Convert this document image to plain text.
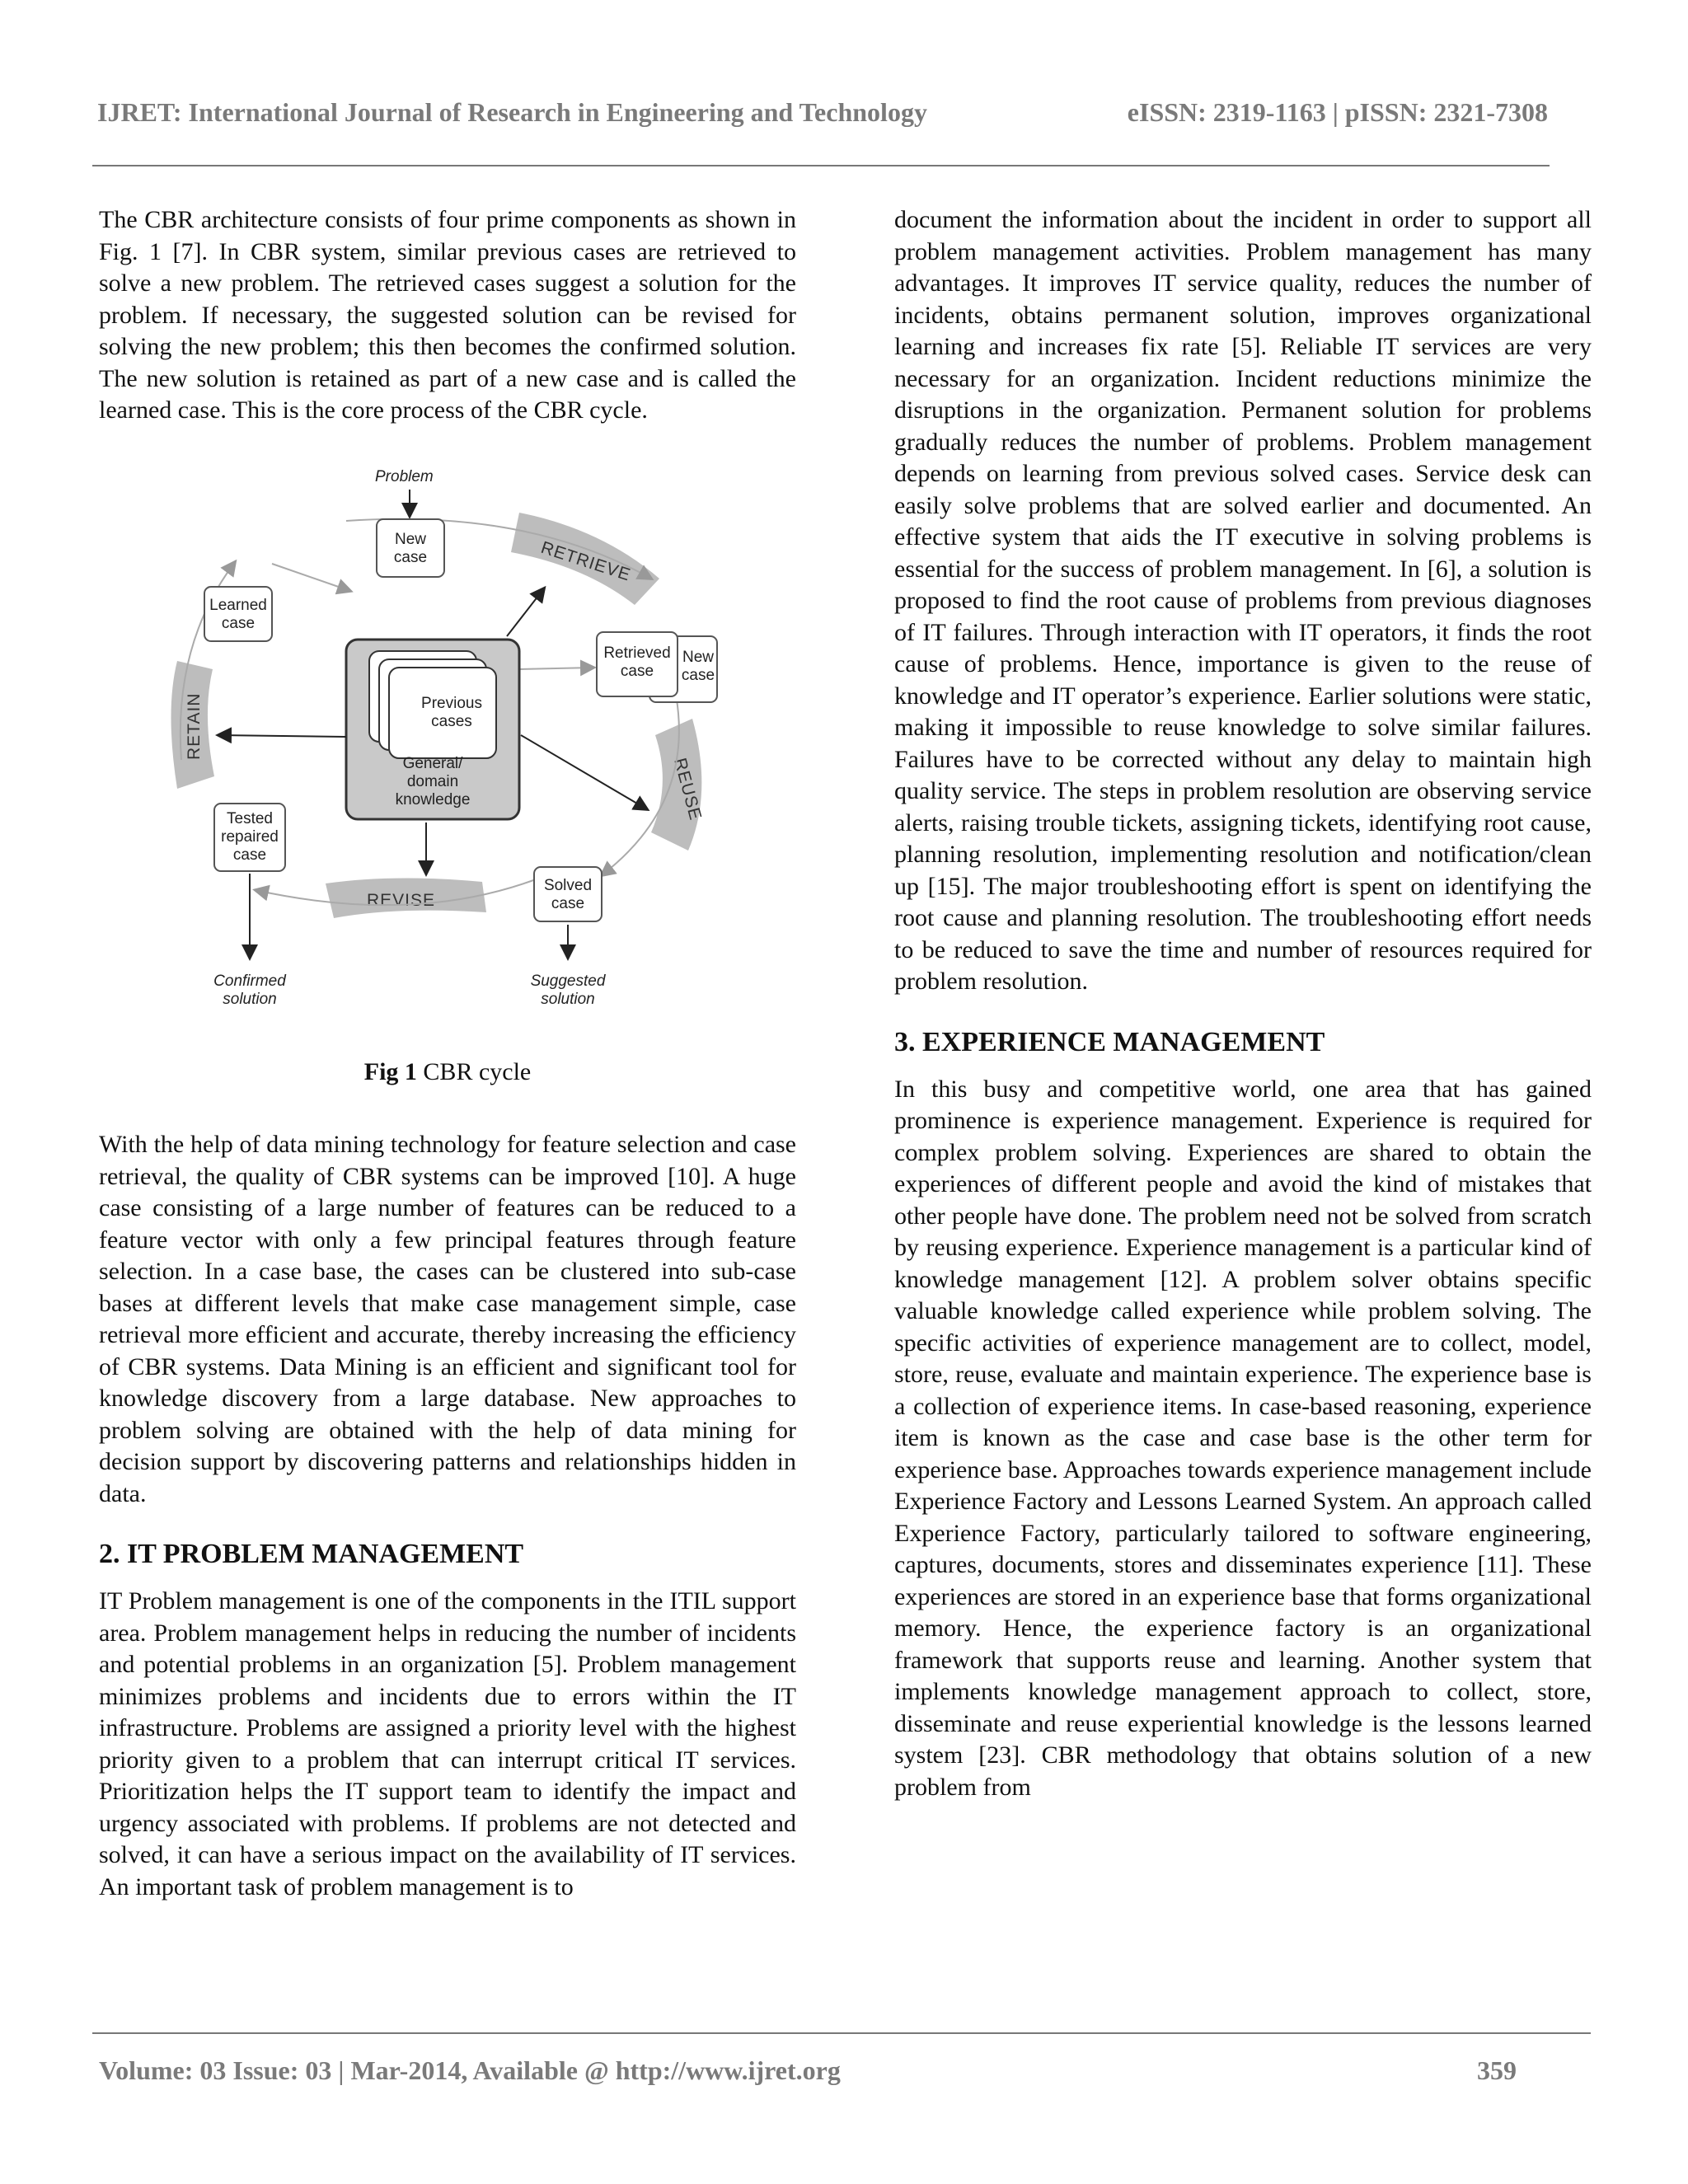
IJRET: International Journal of Research in Engineering and Technology	eISSN: 2319-1163 | pISSN: 2321-7308

The CBR architecture consists of four prime components as shown in Fig. 1 [7]. In CBR system, similar previous cases are retrieved to solve a new problem. The retrieved cases suggest a solution for the problem. If necessary, the suggested solution can be revised for solving the new problem; this then becomes the confirmed solution. The new solution is retained as part of a new case and is called the learned case. This is the core process of the CBR cycle.

RETRIEVE
REUSE
REVISE
RETAIN
Problem
New
case
Learned
case
Previous
cases
General/
domain
knowledge
New
case
Retrieved
case
Tested
repaired
case
Solved
case
Confirmed
solution
Suggested
solution
Fig 1 CBR cycle

With the help of data mining technology for feature selection and case retrieval, the quality of CBR systems can be improved [10]. A huge case consisting of a large number of features can be reduced to a feature vector with only a few principal features through feature selection. In a case base, the cases can be clustered into sub-case bases at different levels that make case management simple, case retrieval more efficient and accurate, thereby increasing the efficiency of CBR systems. Data Mining is an efficient and significant tool for knowledge discovery from a large database. New approaches to problem solving are obtained with the help of data mining for decision support by discovering patterns and relationships hidden in data.

2. IT PROBLEM MANAGEMENT

IT Problem management is one of the components in the ITIL support area. Problem management helps in reducing the number of incidents and potential problems in an organization [5]. Problem management minimizes problems and incidents due to errors within the IT infrastructure. Problems are assigned a priority level with the highest priority given to a problem that can interrupt critical IT services. Prioritization helps the IT support team to identify the impact and urgency associated with problems. If problems are not detected and solved, it can have a serious impact on the availability of IT services. An important task of problem management is to

document the information about the incident in order to support all problem management activities. Problem management has many advantages. It improves IT service quality, reduces the number of incidents, obtains permanent solution, improves organizational learning and increases fix rate [5]. Reliable IT services are very necessary for an organization. Incident reductions minimize the disruptions in the organization. Permanent solution for problems gradually reduces the number of problems. Problem management depends on learning from previous solved cases. Service desk can easily solve problems that are solved earlier and documented. An effective system that aids the IT executive in solving problems is essential for the success of problem management. In [6], a solution is proposed to find the root cause of problems from previous diagnoses of IT failures. Through interaction with IT operators, it finds the root cause of problems. Hence, importance is given to the reuse of knowledge and IT operator’s experience. Earlier solutions were static, making it impossible to reuse knowledge to solve similar failures. Failures have to be corrected without any delay to maintain high quality service. The steps in problem resolution are observing service alerts, raising trouble tickets, assigning tickets, identifying root cause, planning resolution, implementing resolution and notification/clean up [15]. The major troubleshooting effort is spent on identifying the root cause and planning resolution. The troubleshooting effort needs to be reduced to save the time and number of resources required for problem resolution.

3. EXPERIENCE MANAGEMENT

In this busy and competitive world, one area that has gained prominence is experience management. Experience is required for complex problem solving. Experiences are shared to obtain the experiences of different people and avoid the kind of mistakes that other people have done. The problem need not be solved from scratch by reusing experience. Experience management is a particular kind of knowledge management [12]. A problem solver obtains specific valuable knowledge called experience while problem solving. The specific activities of experience management are to collect, model, store, reuse, evaluate and maintain experience. The experience base is a collection of experience items. In case-based reasoning, experience item is known as the case and case base is the other term for experience base. Approaches towards experience management include Experience Factory and Lessons Learned System. An approach called Experience Factory, particularly tailored to software engineering, captures, documents, stores and disseminates experience [11]. These experiences are stored in an experience base that forms organizational memory. Hence, the experience factory is an organizational framework that supports reuse and learning. Another system that implements knowledge management approach to collect, store, disseminate and reuse experiential knowledge is the lessons learned system [23]. CBR methodology that obtains solution of a new problem from

Volume: 03 Issue: 03 | Mar-2014, Available @ http://www.ijret.org	359
